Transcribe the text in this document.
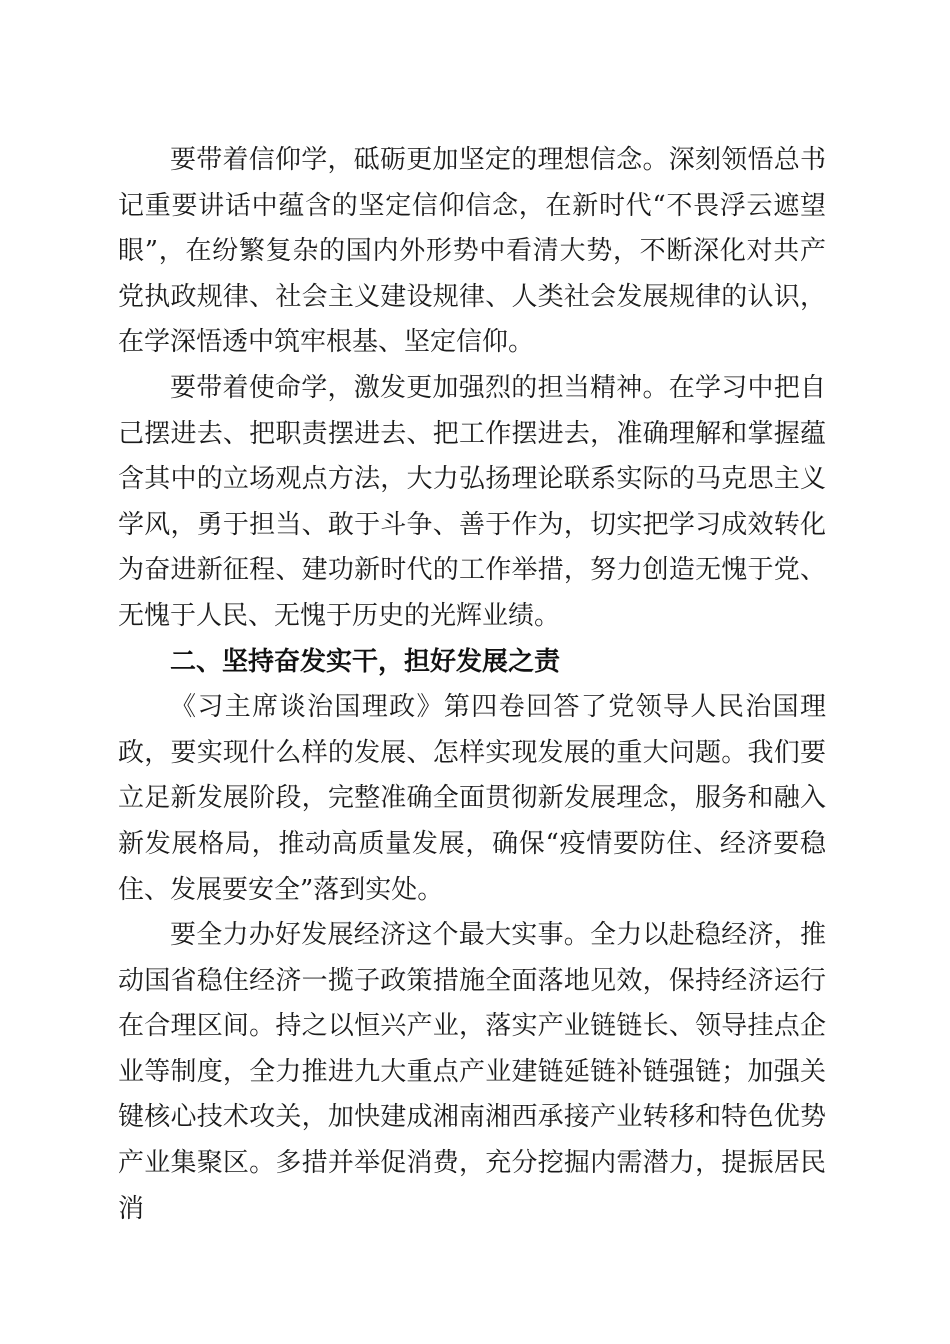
要带着信仰学，砥砺更加坚定的理想信念。深刻领悟总书记重要讲话中蕴含的坚定信仰信念，在新时代“不畏浮云遮望眼”，在纷繁复杂的国内外形势中看清大势，不断深化对共产党执政规律、社会主义建设规律、人类社会发展规律的认识，在学深悟透中筑牢根基、坚定信仰。

要带着使命学，激发更加强烈的担当精神。在学习中把自己摆进去、把职责摆进去、把工作摆进去，准确理解和掌握蕴含其中的立场观点方法，大力弘扬理论联系实际的马克思主义学风，勇于担当、敢于斗争、善于作为，切实把学习成效转化为奋进新征程、建功新时代的工作举措，努力创造无愧于党、无愧于人民、无愧于历史的光辉业绩。

二、坚持奋发实干，担好发展之责

《习主席谈治国理政》第四卷回答了党领导人民治国理政，要实现什么样的发展、怎样实现发展的重大问题。我们要立足新发展阶段，完整准确全面贯彻新发展理念，服务和融入新发展格局，推动高质量发展，确保“疫情要防住、经济要稳住、发展要安全”落到实处。

要全力办好发展经济这个最大实事。全力以赴稳经济，推动国省稳住经济一揽子政策措施全面落地见效，保持经济运行在合理区间。持之以恒兴产业，落实产业链链长、领导挂点企业等制度，全力推进九大重点产业建链延链补链强链；加强关键核心技术攻关，加快建成湘南湘西承接产业转移和特色优势产业集聚区。多措并举促消费，充分挖掘内需潜力，提振居民消
